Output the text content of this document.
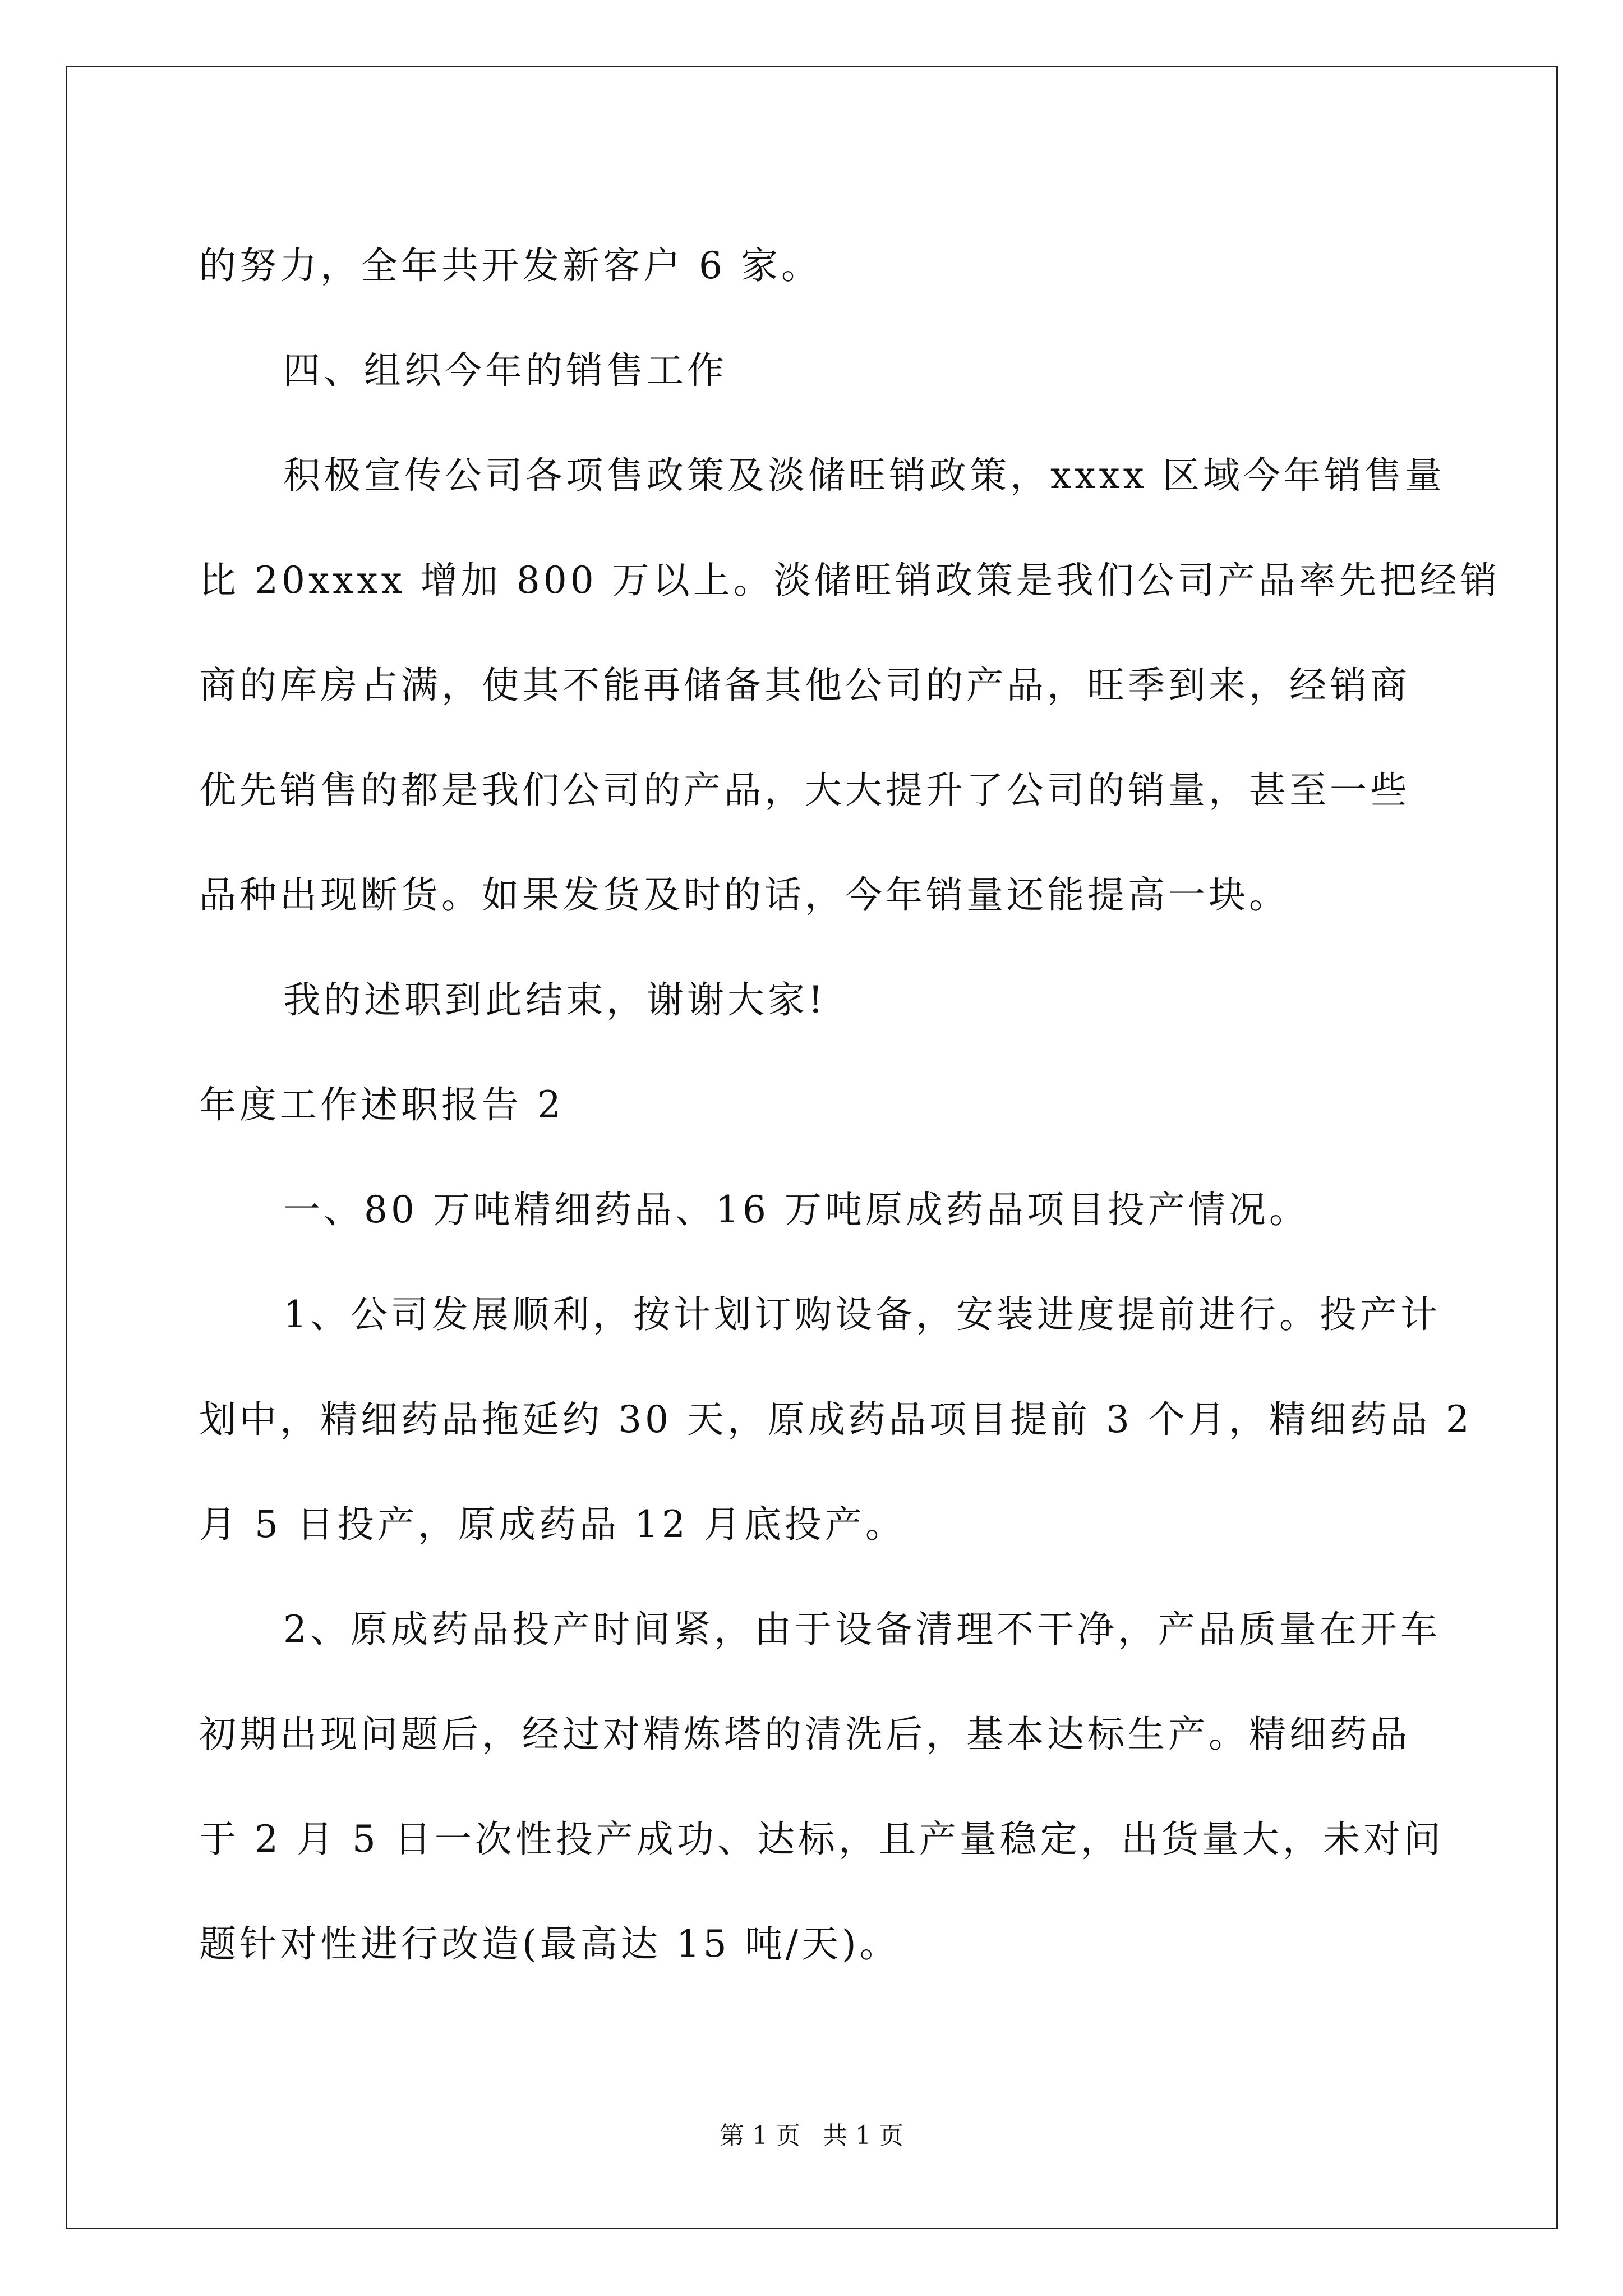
的努力，全年共开发新客户 6 家。
四、组织今年的销售工作
积极宣传公司各项售政策及淡储旺销政策，xxxx 区域今年销售量
比 20xxxx 增加 800 万以上。淡储旺销政策是我们公司产品率先把经销
商的库房占满，使其不能再储备其他公司的产品，旺季到来，经销商
优先销售的都是我们公司的产品，大大提升了公司的销量，甚至一些
品种出现断货。如果发货及时的话，今年销量还能提高一块。
我的述职到此结束，谢谢大家!
年度工作述职报告 2
一、80 万吨精细药品、16 万吨原成药品项目投产情况。
1、公司发展顺利，按计划订购设备，安装进度提前进行。投产计
划中，精细药品拖延约 30 天，原成药品项目提前 3 个月，精细药品 2
月 5 日投产，原成药品 12 月底投产。
2、原成药品投产时间紧，由于设备清理不干净，产品质量在开车
初期出现问题后，经过对精炼塔的清洗后，基本达标生产。精细药品
于 2 月 5 日一次性投产成功、达标，且产量稳定，出货量大，未对问
题针对性进行改造(最高达 15 吨/天)。
第 1 页 共 1 页
